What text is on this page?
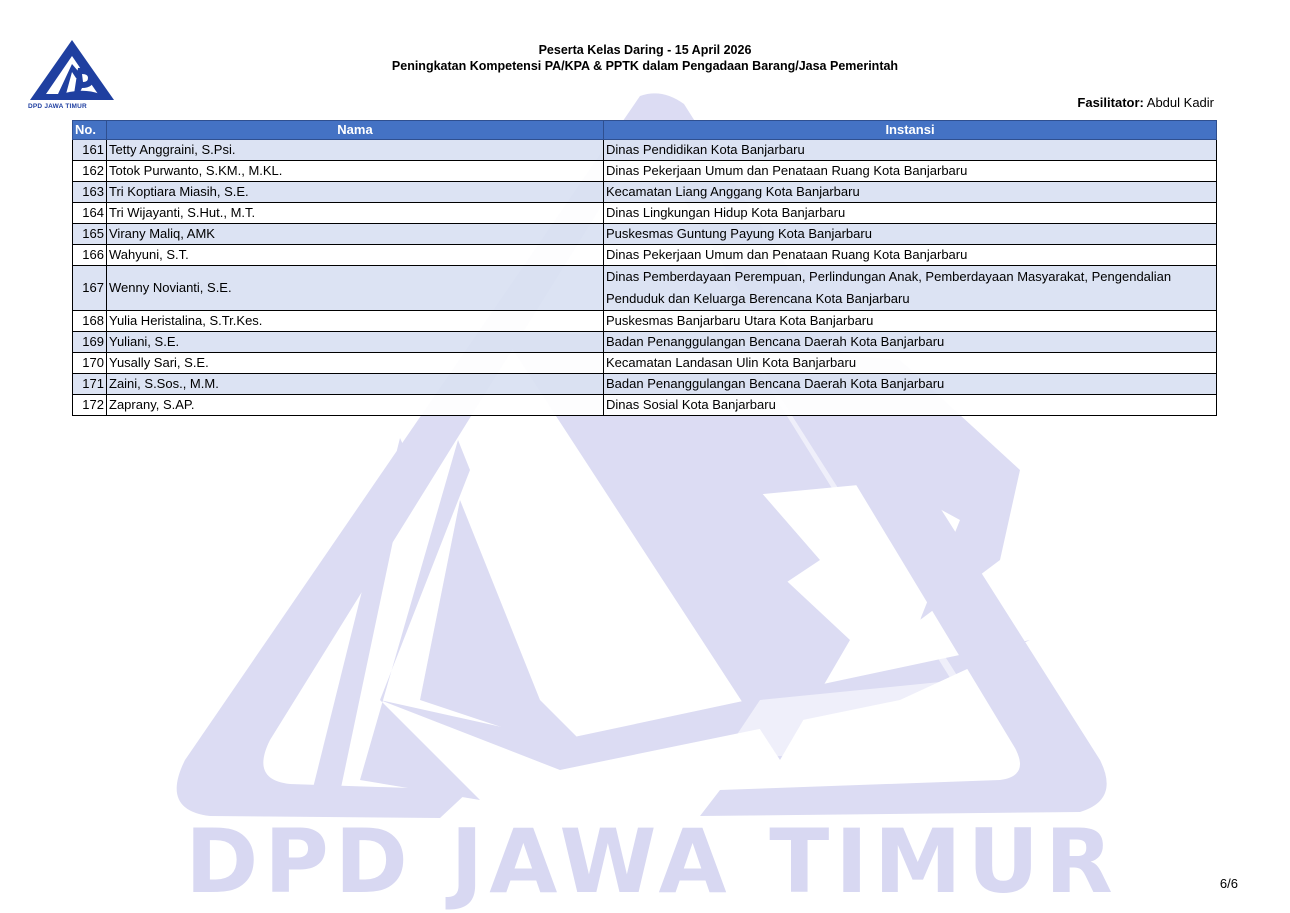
DPD JAWA TIMUR
DPD JAWA TIMUR
Peserta Kelas Daring - 15 April 2026
Peningkatan Kompetensi PA/KPA & PPTK dalam Pengadaan Barang/Jasa Pemerintah
Fasilitator: Abdul Kadir
No.	Nama	Instansi
161	Tetty Anggraini, S.Psi.	Dinas Pendidikan Kota Banjarbaru
162	Totok Purwanto, S.KM., M.KL.	Dinas Pekerjaan Umum dan Penataan Ruang Kota Banjarbaru
163	Tri Koptiara Miasih, S.E.	Kecamatan Liang Anggang Kota Banjarbaru
164	Tri Wijayanti, S.Hut., M.T.	Dinas Lingkungan Hidup Kota Banjarbaru
165	Virany Maliq, AMK	Puskesmas Guntung Payung Kota Banjarbaru
166	Wahyuni, S.T.	Dinas Pekerjaan Umum dan Penataan Ruang Kota Banjarbaru
167	Wenny Novianti, S.E.	Dinas Pemberdayaan Perempuan, Perlindungan Anak, Pemberdayaan Masyarakat, Pengendalian Penduduk dan Keluarga Berencana Kota Banjarbaru
168	Yulia Heristalina, S.Tr.Kes.	Puskesmas Banjarbaru Utara Kota Banjarbaru
169	Yuliani, S.E.	Badan Penanggulangan Bencana Daerah Kota Banjarbaru
170	Yusally Sari, S.E.	Kecamatan Landasan Ulin Kota Banjarbaru
171	Zaini, S.Sos., M.M.	Badan Penanggulangan Bencana Daerah Kota Banjarbaru
172	Zaprany, S.AP.	Dinas Sosial Kota Banjarbaru
6/6
